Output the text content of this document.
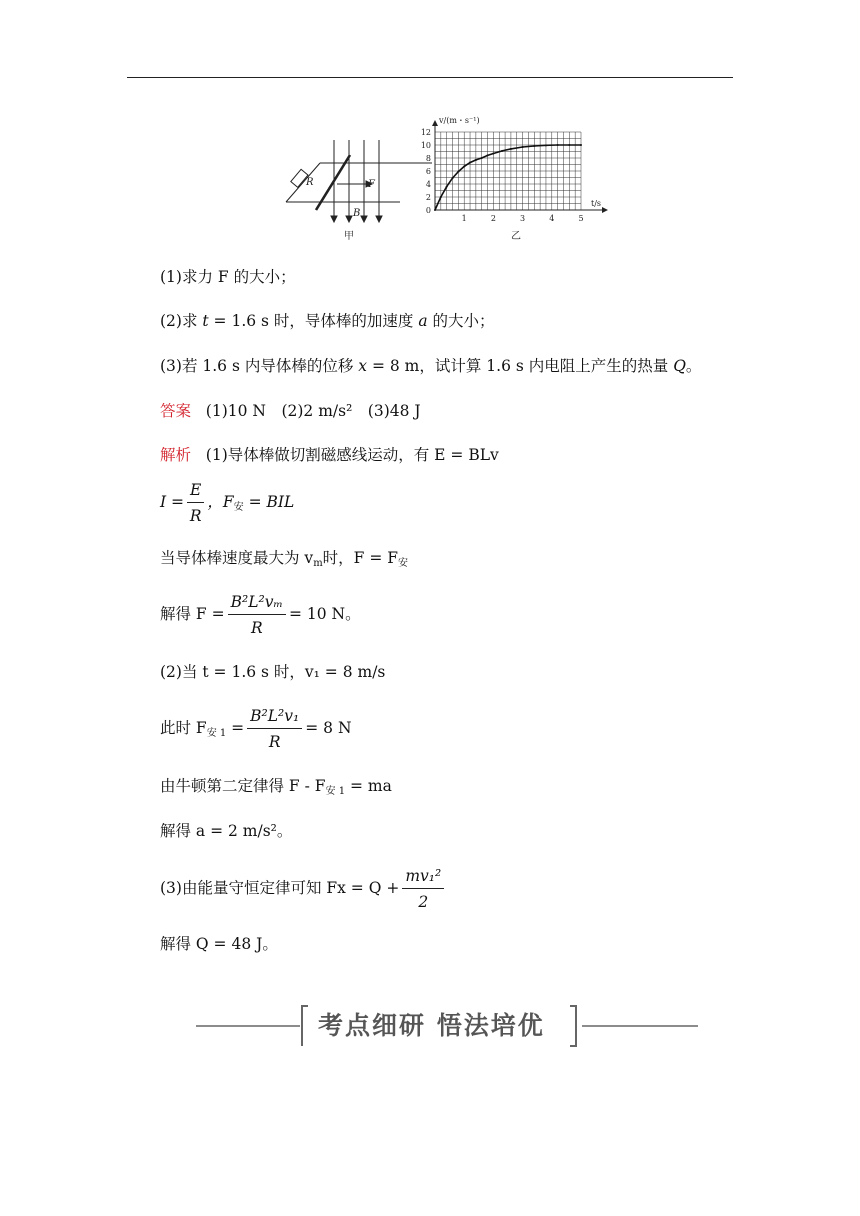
R	F
B
甲
v/(m・s⁻¹)
t/s
12
10
8
6
4
2
0
1	2	3	4	5
乙
(1)求力 F 的大小；
(2)求 t = 1.6 s 时，导体棒的加速度 a 的大小；
(3)若 1.6 s 内导体棒的位移 x = 8 m，试计算 1.6 s 内电阻上产生的热量 Q。
答案 (1)10 N　(2)2 m/s²　(3)48 J
解析 (1)导体棒做切割磁感线运动，有 E = BLv
$I = \frac{E}{R}$ ，$F_安$ = BIL
当导体棒速度最大为 $v_m$时，$F = F_安$
解得 $F = \frac{\text{B²L²vₘ}}{R} = 10$ N。
(2)当 t = 1.6 s 时，v₁ = 8 m/s
此时 $F_{安 1} = \frac{\text{B²L²v₁}}{R} = 8$ N
由牛顿第二定律得 F - $F_{安 1}$ = ma
解得 a = 2 m/s²。
(3)由能量守恒定律可知 $Fx = Q + \frac{\text{mv₁²}}{2}$
解得 Q = 48 J。
考点细研 悟法培优
